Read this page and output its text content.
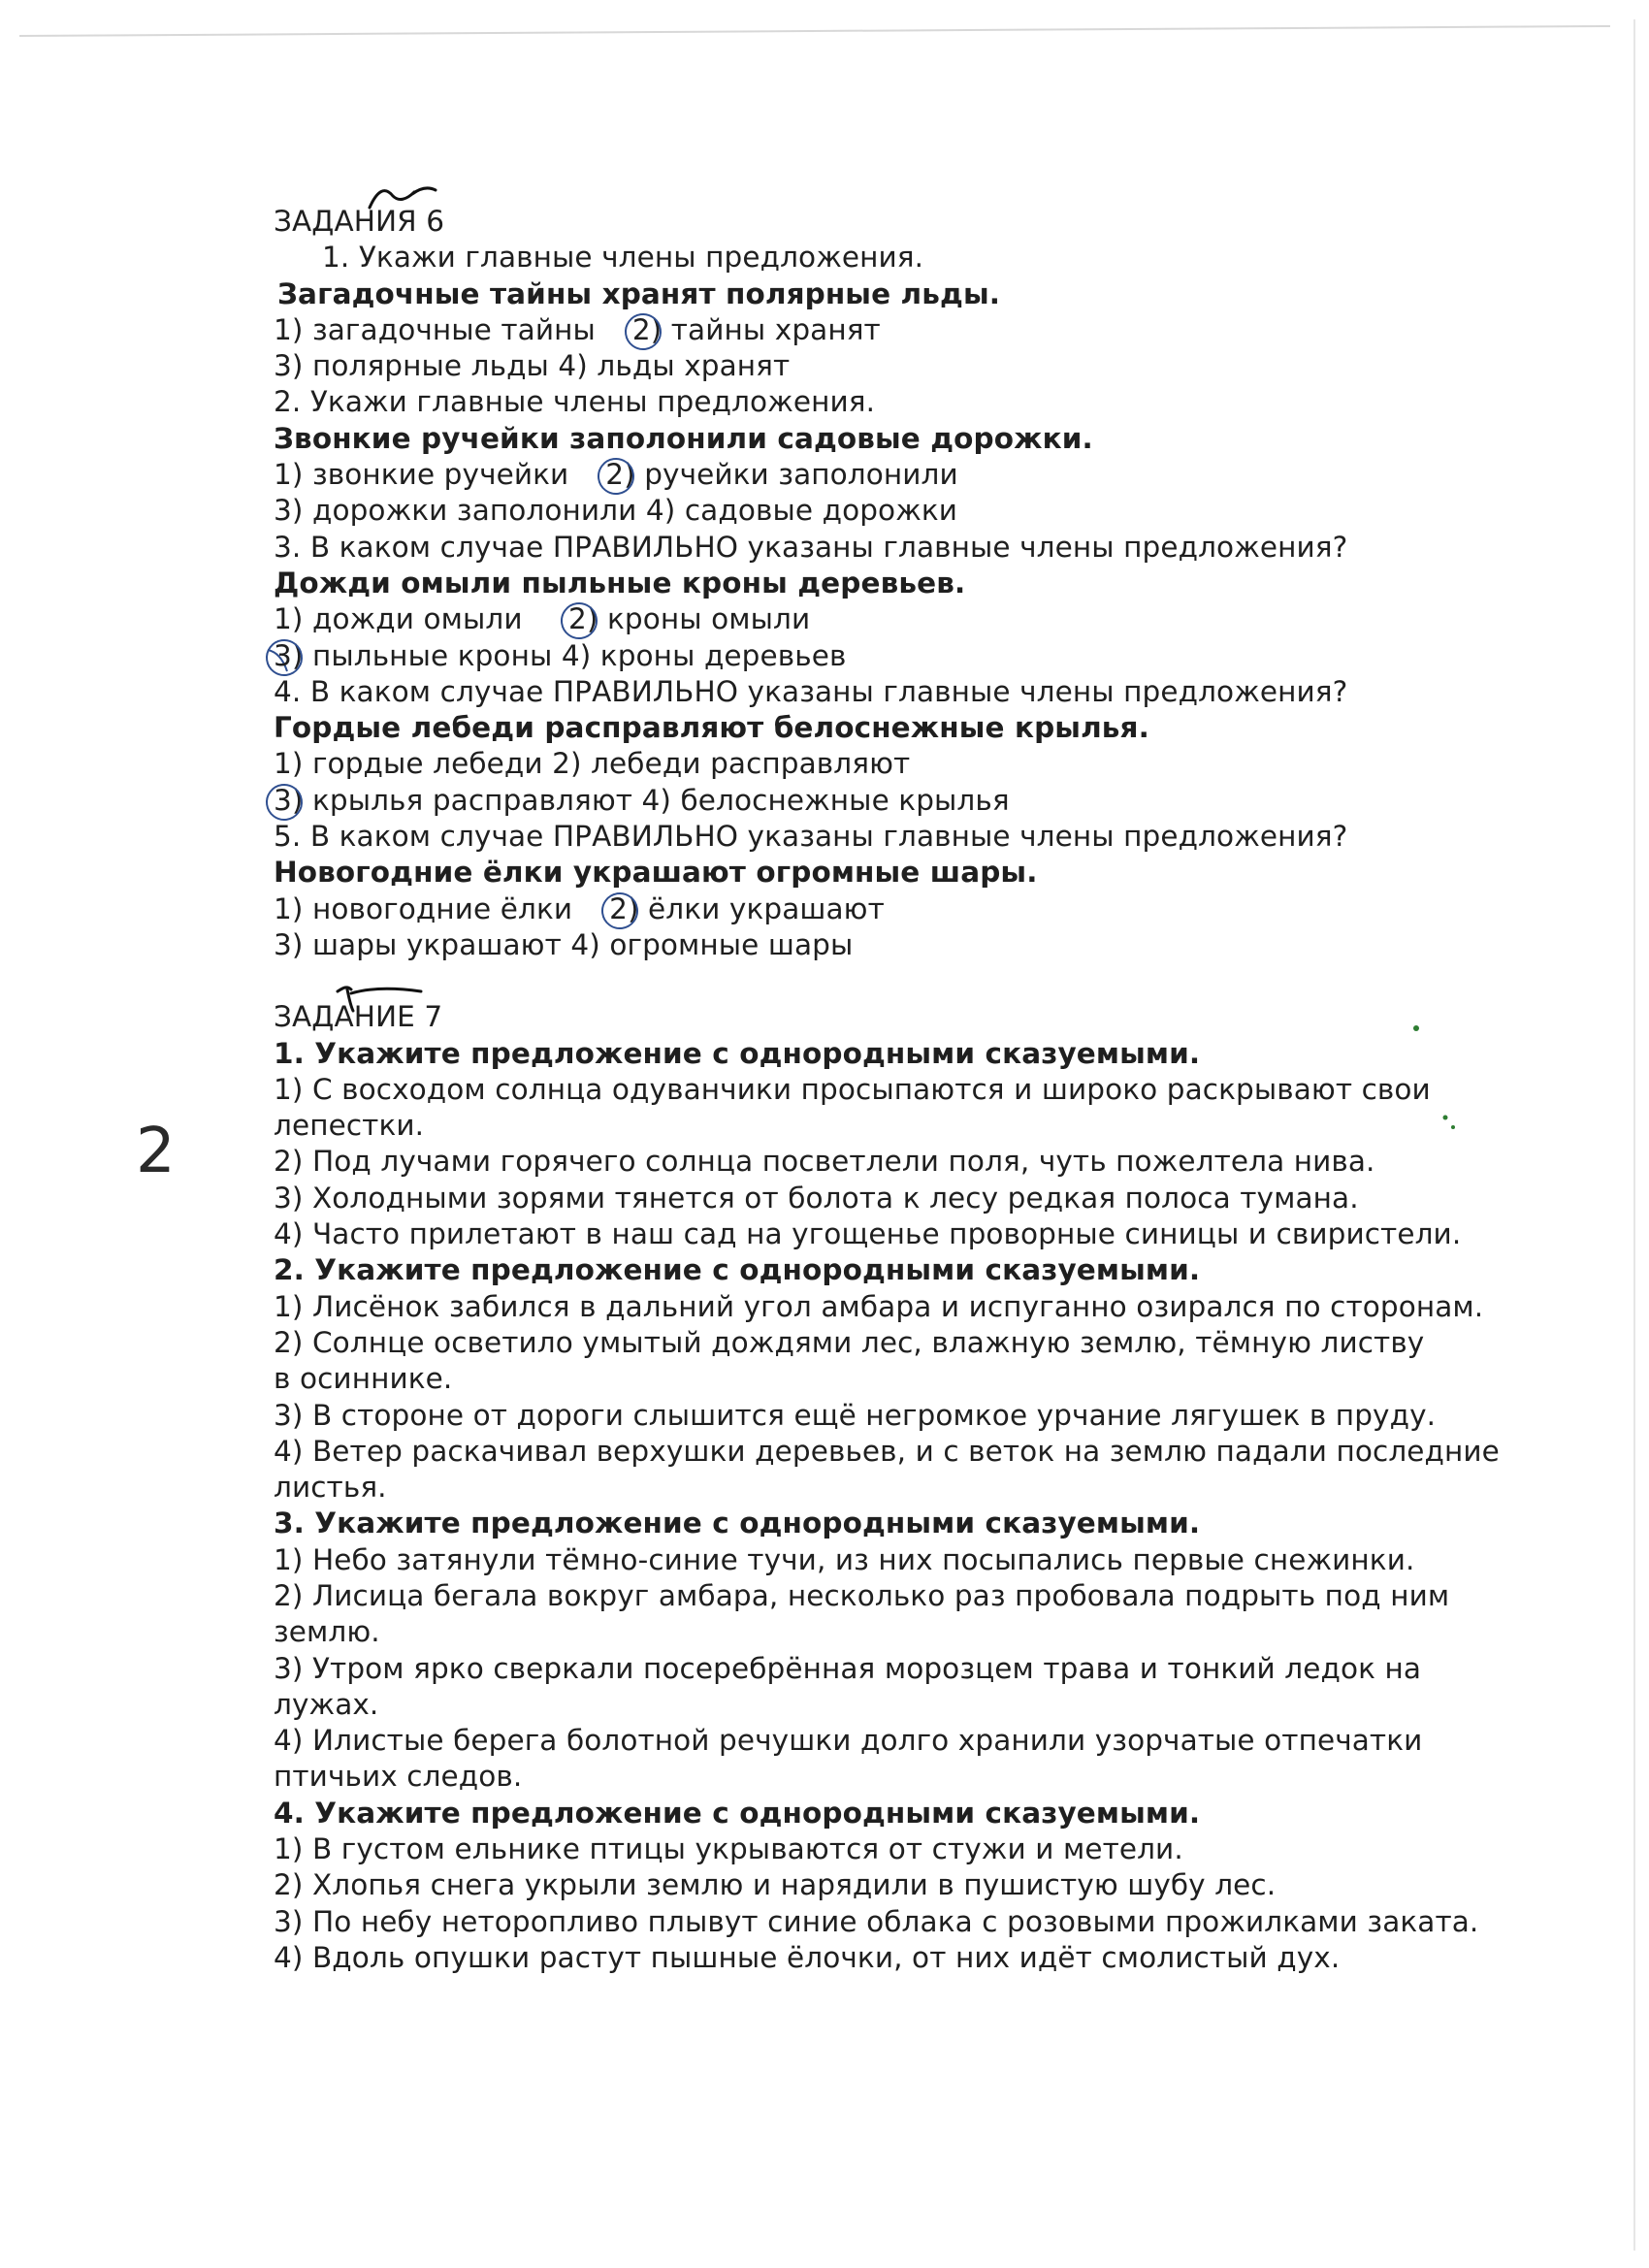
2

ЗАДАНИЯ 6

1. Укажи главные члены предложения.

Загадочные тайны хранят полярные льды.

1) загадочные тайны 2) тайны хранят

3) полярные льды 4) льды хранят

2. Укажи главные члены предложения.

Звонкие ручейки заполонили садовые дорожки.

1) звонкие ручейки 2) ручейки заполонили

3) дорожки заполонили 4) садовые дорожки

3. В каком случае ПРАВИЛЬНО указаны главные члены предложения?

Дожди омыли пыльные кроны деревьев.

1) дожди омыли 2) кроны омыли

3) пыльные кроны 4) кроны деревьев

4. В каком случае ПРАВИЛЬНО указаны главные члены предложения?

Гордые лебеди расправляют белоснежные крылья.

1) гордые лебеди 2) лебеди расправляют

3) крылья расправляют 4) белоснежные крылья

5. В каком случае ПРАВИЛЬНО указаны главные члены предложения?

Новогодние ёлки украшают огромные шары.

1) новогодние ёлки 2) ёлки украшают

3) шары украшают 4) огромные шары

ЗАДАНИЕ 7

1. Укажите предложение с однородными сказуемыми.

1) С восходом солнца одуванчики просыпаются и широко раскрывают свои лепестки.

2) Под лучами горячего солнца посветлели поля, чуть пожелтела нива.

3) Холодными зорями тянется от болота к лесу редкая полоса тумана.

4) Часто прилетают в наш сад на угощенье проворные синицы и свиристели.

2. Укажите предложение с однородными сказуемыми.

1) Лисёнок забился в дальний угол амбара и испуганно озирался по сторонам.

2) Солнце осветило умытый дождями лес, влажную землю, тёмную листву в осиннике.

3) В стороне от дороги слышится ещё негромкое урчание лягушек в пруду.

4) Ветер раскачивал верхушки деревьев, и с веток на землю падали последние листья.

3. Укажите предложение с однородными сказуемыми.

1) Небо затянули тёмно-синие тучи, из них посыпались первые снежинки.

2) Лисица бегала вокруг амбара, несколько раз пробовала подрыть под ним землю.

3) Утром ярко сверкали посеребрённая морозцем трава и тонкий ледок на лужах.

4) Илистые берега болотной речушки долго хранили узорчатые отпечатки птичьих следов.

4. Укажите предложение с однородными сказуемыми.

1) В густом ельнике птицы укрываются от стужи и метели.

2) Хлопья снега укрыли землю и нарядили в пушистую шубу лес.

3) По небу неторопливо плывут синие облака с розовыми прожилками заката.

4) Вдоль опушки растут пышные ёлочки, от них идёт смолистый дух.
